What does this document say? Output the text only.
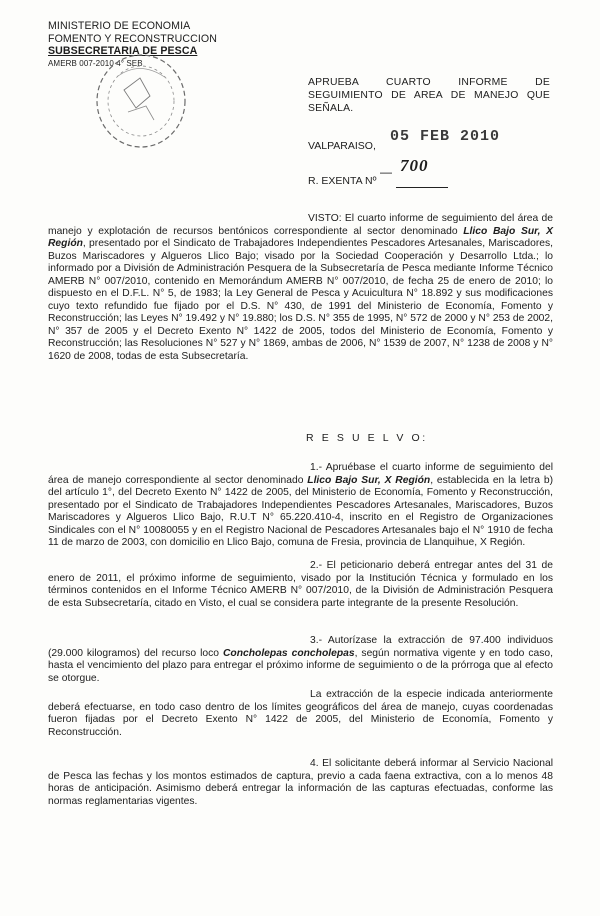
MINISTERIO DE ECONOMIA
FOMENTO Y RECONSTRUCCION
SUBSECRETARIA DE PESCA
AMERB 007-2010 4° SEB
APRUEBA CUARTO INFORME DE SEGUIMIENTO DE AREA DE MANEJO QUE SEÑALA.
VALPARAISO,
05 FEB 2010
— 700
R. EXENTA Nº
VISTO: El cuarto informe de seguimiento del área de manejo y explotación de recursos bentónicos correspondiente al sector denominado Llico Bajo Sur, X Región, presentado por el Sindicato de Trabajadores Independientes Pescadores Artesanales, Mariscadores, Buzos Mariscadores y Algueros Llico Bajo; visado por la Sociedad Cooperación y Desarrollo Ltda.; lo informado por a División de Administración Pesquera de la Subsecretaría de Pesca mediante Informe Técnico AMERB N° 007/2010, contenido en Memorándum AMERB N° 007/2010, de fecha 25 de enero de 2010; lo dispuesto en el D.F.L. N° 5, de 1983; la Ley General de Pesca y Acuicultura N° 18.892 y sus modificaciones cuyo texto refundido fue fijado por el D.S. N° 430, de 1991 del Ministerio de Economía, Fomento y Reconstrucción; las Leyes N° 19.492 y N° 19.880; los D.S. N° 355 de 1995, N° 572 de 2000 y N° 253 de 2002, N° 357 de 2005 y el Decreto Exento N° 1422 de 2005, todos del Ministerio de Economía, Fomento y Reconstrucción; las Resoluciones N° 527 y N° 1869, ambas de 2006, N° 1539 de 2007, N° 1238 de 2008 y N° 1620 de 2008, todas de esta Subsecretaría.
R E S U E L V O:
1.- Apruébase el cuarto informe de seguimiento del área de manejo correspondiente al sector denominado Llico Bajo Sur, X Región, establecida en la letra b) del artículo 1°, del Decreto Exento N° 1422 de 2005, del Ministerio de Economía, Fomento y Reconstrucción, presentado por el Sindicato de Trabajadores Independientes Pescadores Artesanales, Mariscadores, Buzos Mariscadores y Algueros Llico Bajo, R.U.T N° 65.220.410-4, inscrito en el Registro de Organizaciones Sindicales con el N° 10080055 y en el Registro Nacional de Pescadores Artesanales bajo el N° 1910 de fecha 11 de marzo de 2003, con domicilio en Llico Bajo, comuna de Fresia, provincia de Llanquihue, X Región.
2.- El peticionario deberá entregar antes del 31 de enero de 2011, el próximo informe de seguimiento, visado por la Institución Técnica y formulado en los términos contenidos en el Informe Técnico AMERB N° 007/2010, de la División de Administración Pesquera de esta Subsecretaría, citado en Visto, el cual se considera parte integrante de la presente Resolución.
3.- Autorízase la extracción de 97.400 individuos (29.000 kilogramos) del recurso loco Concholepas concholepas, según normativa vigente y en todo caso, hasta el vencimiento del plazo para entregar el próximo informe de seguimiento o de la prórroga que al efecto se otorgue.
La extracción de la especie indicada anteriormente deberá efectuarse, en todo caso dentro de los límites geográficos del área de manejo, cuyas coordenadas fueron fijadas por el Decreto Exento N° 1422 de 2005, del Ministerio de Economía, Fomento y Reconstrucción.
4. El solicitante deberá informar al Servicio Nacional de Pesca las fechas y los montos estimados de captura, previo a cada faena extractiva, con a lo menos 48 horas de anticipación. Asimismo deberá entregar la información de las capturas efectuadas, conforme las normas reglamentarias vigentes.
